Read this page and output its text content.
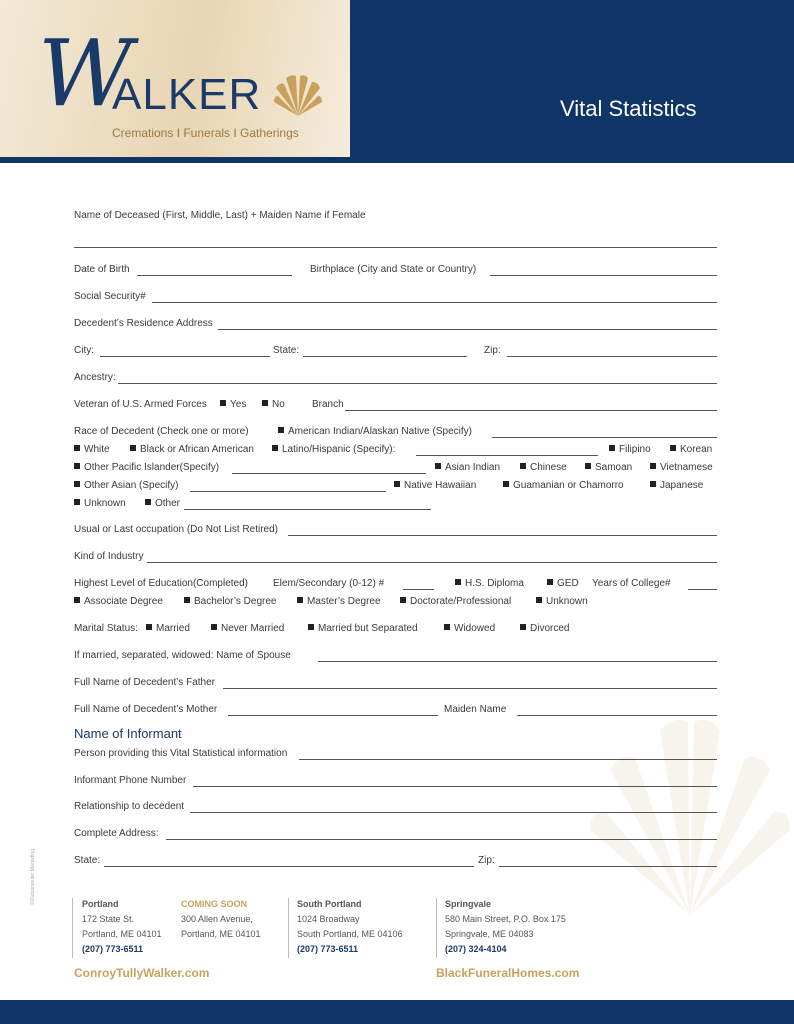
W
ALKER
Cremations I Funerals I Gatherings
Vital Statistics
Name of Deceased (First, Middle, Last) + Maiden Name if Female
Date of Birth	Birthplace (City and State or Country)
Social Security#
Decedent’s Residence Address
City:	State:	Zip:
Ancestry:
Veteran of U.S. Armed Forces	Yes	No	Branch
Race of Decedent (Check one or more)	American Indian/Alaskan Native (Specify)
White	Black or African American	Latino/Hispanic (Specify):	Filipino	Korean
Other Pacific Islander(Specify)	Asian Indian	Chinese	Samoan	Vietnamese
Other Asian (Specify)	Native Hawaiian	Guamanian or Chamorro	Japanese
Unknown	Other
Usual or Last occupation (Do Not List Retired)
Kind of Industry
Highest Level of Education(Completed)	Elem/Secondary (0-12) #	H.S. Diploma	GED Years of College#
Associate Degree	Bachelor’s Degree	Master’s Degree	Doctorate/Professional	Unknown
Marital Status:	Married	Never Married	Married but Separated	Widowed	Divorced
If married, separated, widowed: Name of Spouse
Full Name of Decedent’s Father
Full Name of Decedent’s Mother	Maiden Name
Name of Informant
Person providing this Vital Statistical information
Informant Phone Number
Relationship to decedent
Complete Address:
State:	Zip:
©Outcomputer Marketing	Portland
172 State St.
Portland, ME 04101
(207) 773-6511
COMING SOON
300 Allen Avenue,
Portland, ME 04101
South Portland
1024 Broadway
South Portland, ME 04106
(207) 773-6511
Springvale
580 Main Street, P.O. Box 175
Springvale, ME 04083
(207) 324-4104
ConroyTullyWalker.com	BlackFuneralHomes.com
